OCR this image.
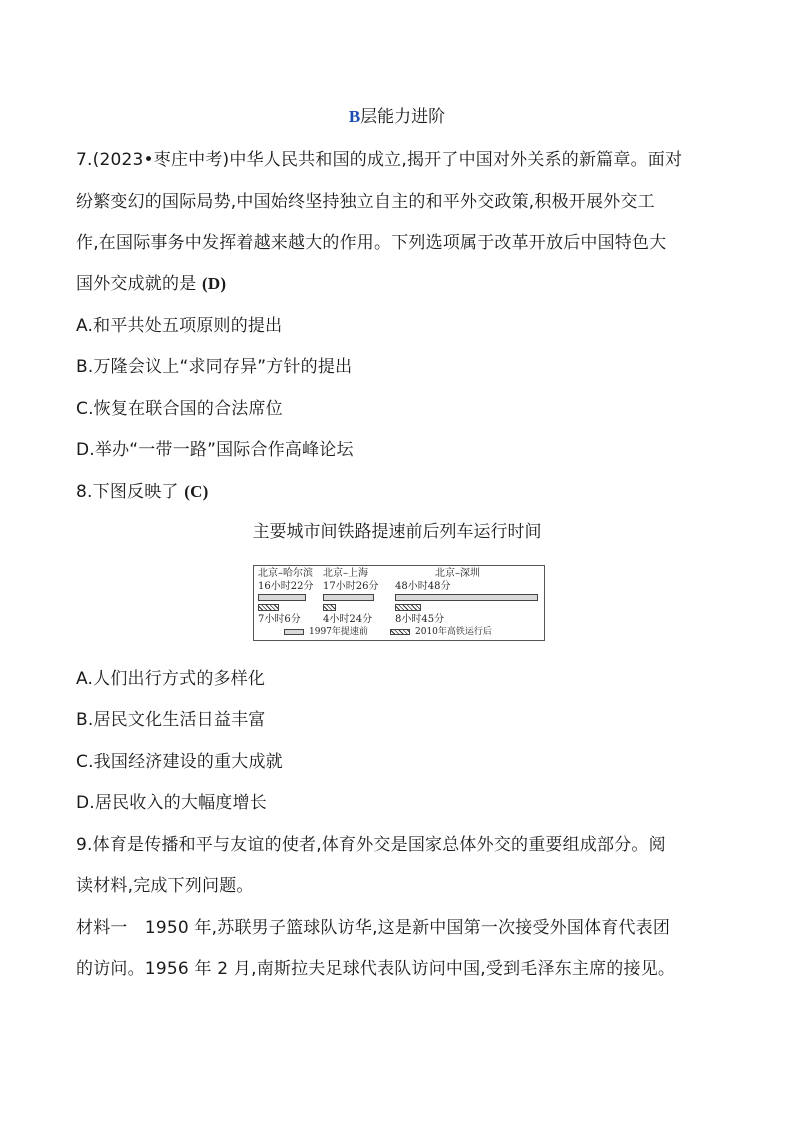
B层能力进阶
7.(2023•枣庄中考)中华人民共和国的成立,揭开了中国对外关系的新篇章。面对
纷繁变幻的国际局势,中国始终坚持独立自主的和平外交政策,积极开展外交工
作,在国际事务中发挥着越来越大的作用。下列选项属于改革开放后中国特色大
国外交成就的是 (D)
A.和平共处五项原则的提出
B.万隆会议上“求同存异”方针的提出
C.恢复在联合国的合法席位
D.举办“一带一路”国际合作高峰论坛
8.下图反映了 (C)
主要城市间铁路提速前后列车运行时间
北京–哈尔滨
16小时22分
7小时6分
北京–上海
17小时26分
4小时24分
北京–深圳
48小时48分
8小时45分
1997年提速前	2010年高铁运行后
A.人们出行方式的多样化
B.居民文化生活日益丰富
C.我国经济建设的重大成就
D.居民收入的大幅度增长
9.体育是传播和平与友谊的使者,体育外交是国家总体外交的重要组成部分。阅
读材料,完成下列问题。
材料一　1950 年,苏联男子篮球队访华,这是新中国第一次接受外国体育代表团
的访问。1956 年 2 月,南斯拉夫足球代表队访问中国,受到毛泽东主席的接见。
